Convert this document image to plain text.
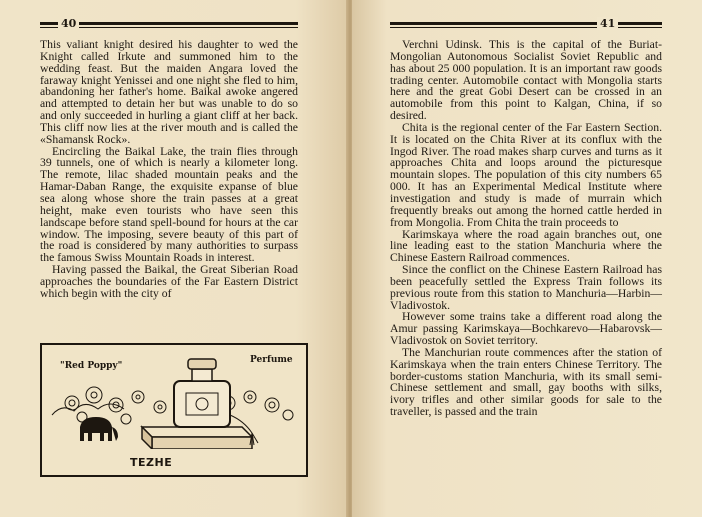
40

This valiant knight desired his daughter to wed the Knight called Irkute and summoned him to the wedding feast. But the maiden Angara loved the faraway knight Yenissei and one night she fled to him, abandoning her father's home. Baikal awoke angered and attempted to detain her but was unable to do so and only succeeded in hurling a giant cliff at her back. This cliff now lies at the river mouth and is called the «Shamansk Rock».

Encircling the Baikal Lake, the train flies through 39 tunnels, one of which is nearly a kilometer long. The remote, lilac shaded mountain peaks and the Hamar-Daban Range, the exquisite expanse of blue sea along whose shore the train passes at a great height, make even tourists who have seen this landscape before stand spell-bound for hours at the car window. The imposing, severe beauty of this part of the road is considered by many authorities to surpass the famous Swiss Mountain Roads in interest.

Having passed the Baikal, the Great Siberian Road approaches the boundaries of the Far Eastern District which begin with the city of

"Red Poppy"
Perfume
TEZHE
41

Verchni Udinsk. This is the capital of the Buriat-Mongolian Autonomous Socialist Soviet Republic and has about 25 000 population. It is an important raw goods trading center. Automobile contact with Mongolia starts here and the great Gobi Desert can be crossed in an automobile from this point to Kalgan, China, if so desired.

Chita is the regional center of the Far Eastern Section. It is located on the Chita River at its conflux with the Ingod River. The road makes sharp curves and turns as it approaches Chita and loops around the picturesque mountain slopes. The population of this city numbers 65 000. It has an Experimental Medical Institute where investigation and study is made of murrain which frequently breaks out among the horned cattle herded in from Mongolia. From Chita the train proceeds to

Karimskaya where the road again branches out, one line leading east to the station Manchuria where the Chinese Eastern Railroad commences.

Since the conflict on the Chinese Eastern Railroad has been peacefully settled the Express Train follows its previous route from this station to Manchuria—Harbin—Vladivostok.

However some trains take a different road along the Amur passing Karimskaya—Bochkarevo—Habarovsk—Vladivostok on Soviet territory.

The Manchurian route commences after the station of Karimskaya when the train enters Chinese Territory. The border-customs station Manchuria, with its small semi-Chinese settlement and small, gay booths with silks, ivory trifles and other similar goods for sale to the traveller, is passed and the train
